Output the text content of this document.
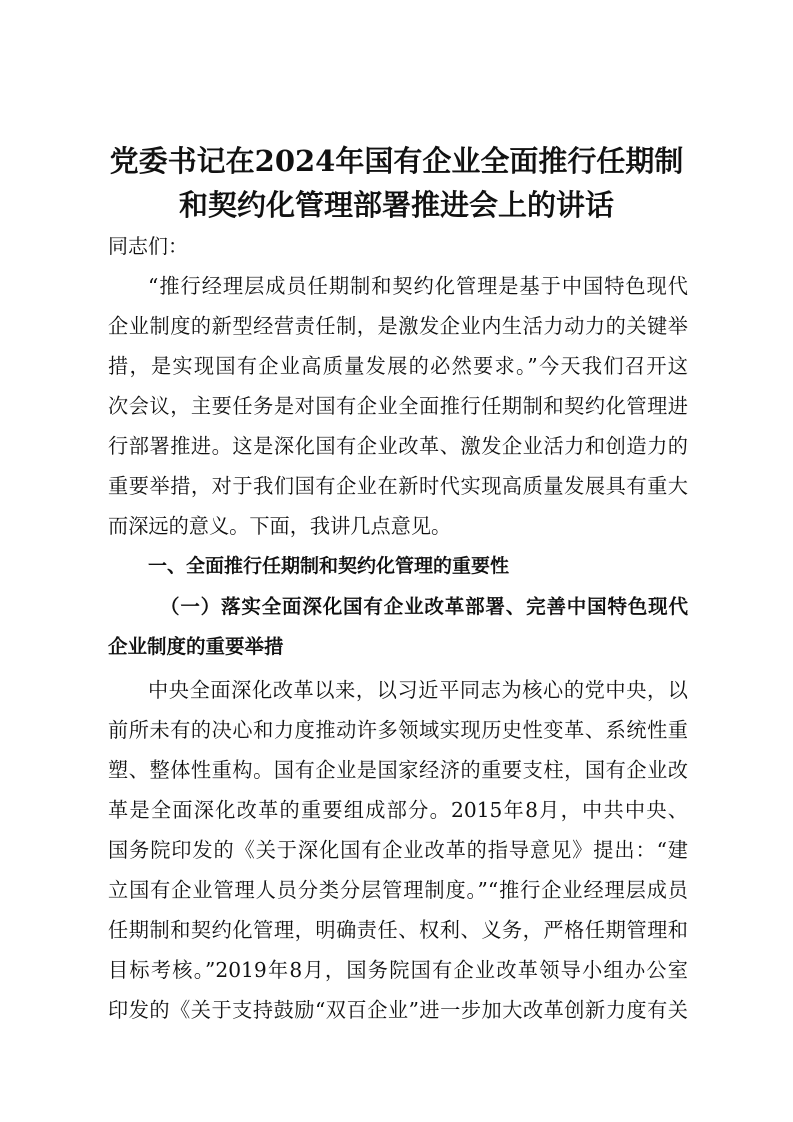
党委书记在2024年国有企业全面推行任期制
和契约化管理部署推进会上的讲话
同志们：
“推行经理层成员任期制和契约化管理是基于中国特色现代
企业制度的新型经营责任制，是激发企业内生活力动力的关键举
措，是实现国有企业高质量发展的必然要求。”今天我们召开这
次会议，主要任务是对国有企业全面推行任期制和契约化管理进
行部署推进。这是深化国有企业改革、激发企业活力和创造力的
重要举措，对于我们国有企业在新时代实现高质量发展具有重大
而深远的意义。下面，我讲几点意见。
一、全面推行任期制和契约化管理的重要性
（一）落实全面深化国有企业改革部署、完善中国特色现代
企业制度的重要举措
中央全面深化改革以来，以习近平同志为核心的党中央，以
前所未有的决心和力度推动许多领域实现历史性变革、系统性重
塑、整体性重构。国有企业是国家经济的重要支柱，国有企业改
革是全面深化改革的重要组成部分。2015年8月，中共中央、
国务院印发的《关于深化国有企业改革的指导意见》提出：“建
立国有企业管理人员分类分层管理制度。”“推行企业经理层成员
任期制和契约化管理，明确责任、权利、义务，严格任期管理和
目标考核。”2019年8月，国务院国有企业改革领导小组办公室
印发的《关于支持鼓励“双百企业”进一步加大改革创新力度有关
